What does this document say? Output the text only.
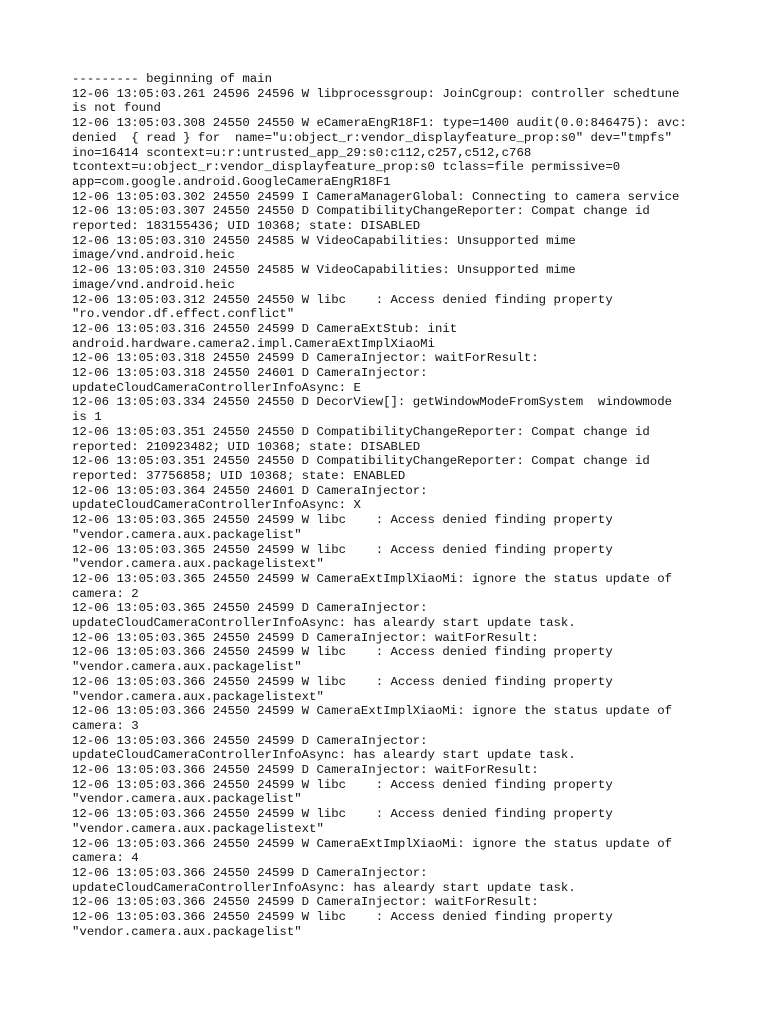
--------- beginning of main
12-06 13:05:03.261 24596 24596 W libprocessgroup: JoinCgroup: controller schedtune
is not found
12-06 13:05:03.308 24550 24550 W eCameraEngR18F1: type=1400 audit(0.0:846475): avc:
denied  { read } for  name="u:object_r:vendor_displayfeature_prop:s0" dev="tmpfs"
ino=16414 scontext=u:r:untrusted_app_29:s0:c112,c257,c512,c768
tcontext=u:object_r:vendor_displayfeature_prop:s0 tclass=file permissive=0
app=com.google.android.GoogleCameraEngR18F1
12-06 13:05:03.302 24550 24599 I CameraManagerGlobal: Connecting to camera service
12-06 13:05:03.307 24550 24550 D CompatibilityChangeReporter: Compat change id
reported: 183155436; UID 10368; state: DISABLED
12-06 13:05:03.310 24550 24585 W VideoCapabilities: Unsupported mime
image/vnd.android.heic
12-06 13:05:03.310 24550 24585 W VideoCapabilities: Unsupported mime
image/vnd.android.heic
12-06 13:05:03.312 24550 24550 W libc    : Access denied finding property
"ro.vendor.df.effect.conflict"
12-06 13:05:03.316 24550 24599 D CameraExtStub: init
android.hardware.camera2.impl.CameraExtImplXiaoMi
12-06 13:05:03.318 24550 24599 D CameraInjector: waitForResult:
12-06 13:05:03.318 24550 24601 D CameraInjector:
updateCloudCameraControllerInfoAsync: E
12-06 13:05:03.334 24550 24550 D DecorView[]: getWindowModeFromSystem  windowmode
is 1
12-06 13:05:03.351 24550 24550 D CompatibilityChangeReporter: Compat change id
reported: 210923482; UID 10368; state: DISABLED
12-06 13:05:03.351 24550 24550 D CompatibilityChangeReporter: Compat change id
reported: 37756858; UID 10368; state: ENABLED
12-06 13:05:03.364 24550 24601 D CameraInjector:
updateCloudCameraControllerInfoAsync: X
12-06 13:05:03.365 24550 24599 W libc    : Access denied finding property
"vendor.camera.aux.packagelist"
12-06 13:05:03.365 24550 24599 W libc    : Access denied finding property
"vendor.camera.aux.packagelistext"
12-06 13:05:03.365 24550 24599 W CameraExtImplXiaoMi: ignore the status update of
camera: 2
12-06 13:05:03.365 24550 24599 D CameraInjector:
updateCloudCameraControllerInfoAsync: has aleardy start update task.
12-06 13:05:03.365 24550 24599 D CameraInjector: waitForResult:
12-06 13:05:03.366 24550 24599 W libc    : Access denied finding property
"vendor.camera.aux.packagelist"
12-06 13:05:03.366 24550 24599 W libc    : Access denied finding property
"vendor.camera.aux.packagelistext"
12-06 13:05:03.366 24550 24599 W CameraExtImplXiaoMi: ignore the status update of
camera: 3
12-06 13:05:03.366 24550 24599 D CameraInjector:
updateCloudCameraControllerInfoAsync: has aleardy start update task.
12-06 13:05:03.366 24550 24599 D CameraInjector: waitForResult:
12-06 13:05:03.366 24550 24599 W libc    : Access denied finding property
"vendor.camera.aux.packagelist"
12-06 13:05:03.366 24550 24599 W libc    : Access denied finding property
"vendor.camera.aux.packagelistext"
12-06 13:05:03.366 24550 24599 W CameraExtImplXiaoMi: ignore the status update of
camera: 4
12-06 13:05:03.366 24550 24599 D CameraInjector:
updateCloudCameraControllerInfoAsync: has aleardy start update task.
12-06 13:05:03.366 24550 24599 D CameraInjector: waitForResult:
12-06 13:05:03.366 24550 24599 W libc    : Access denied finding property
"vendor.camera.aux.packagelist"
